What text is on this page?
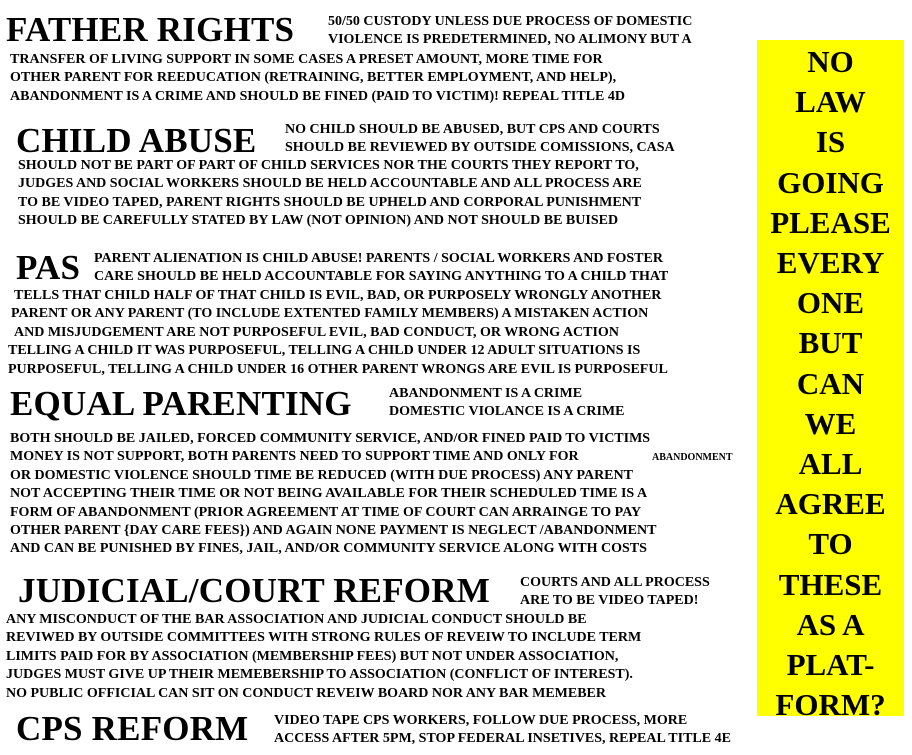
FATHER RIGHTS 50/50 CUSTODY UNLESS DUE PROCESS OF DOMESTIC
VIOLENCE IS PREDETERMINED, NO ALIMONY BUT A
TRANSFER OF LIVING SUPPORT IN SOME CASES A PRESET AMOUNT, MORE TIME FOR
OTHER PARENT FOR REEDUCATION (RETRAINING, BETTER EMPLOYMENT, AND HELP),
ABANDONMENT IS A CRIME AND SHOULD BE FINED (PAID TO VICTIM)! REPEAL TITLE 4D
CHILD ABUSE NO CHILD SHOULD BE ABUSED, BUT CPS AND COURTS
SHOULD BE REVIEWED BY OUTSIDE COMISSIONS, CASA
SHOULD NOT BE PART OF PART OF CHILD SERVICES NOR THE COURTS THEY REPORT TO,
JUDGES AND SOCIAL WORKERS SHOULD BE HELD ACCOUNTABLE AND ALL PROCESS ARE
TO BE VIDEO TAPED, PARENT RIGHTS SHOULD BE UPHELD AND CORPORAL PUNISHMENT
SHOULD BE CAREFULLY STATED BY LAW (NOT OPINION) AND NOT SHOULD BE BUISED
PAS PARENT ALIENATION IS CHILD ABUSE! PARENTS / SOCIAL WORKERS AND FOSTER
CARE SHOULD BE HELD ACCOUNTABLE FOR SAYING ANYTHING TO A CHILD THAT
TELLS THAT CHILD HALF OF THAT CHILD IS EVIL, BAD, OR PURPOSELY WRONGLY ANOTHER
PARENT OR ANY PARENT (TO INCLUDE EXTENTED FAMILY MEMBERS) A MISTAKEN ACTION
AND MISJUDGEMENT ARE NOT PURPOSEFUL EVIL, BAD CONDUCT, OR WRONG ACTION
TELLING A CHILD IT WAS PURPOSEFUL, TELLING A CHILD UNDER 12 ADULT SITUATIONS IS
PURPOSEFUL, TELLING A CHILD UNDER 16 OTHER PARENT WRONGS ARE EVIL IS PURPOSEFUL
EQUAL PARENTING	ABANDONMENT IS A CRIME
DOMESTIC VIOLANCE IS A CRIME
BOTH SHOULD BE JAILED, FORCED COMMUNITY SERVICE, AND/OR FINED PAID TO VICTIMS
MONEY IS NOT SUPPORT, BOTH PARENTS NEED TO SUPPORT TIME AND ONLY FOR
OR DOMESTIC VIOLENCE SHOULD TIME BE REDUCED (WITH DUE PROCESS) ANY PARENT
NOT ACCEPTING THEIR TIME OR NOT BEING AVAILABLE FOR THEIR SCHEDULED TIME IS A
FORM OF ABANDONMENT (PRIOR AGREEMENT AT TIME OF COURT CAN ARRAINGE TO PAY
OTHER PARENT {DAY CARE FEES}) AND AGAIN NONE PAYMENT IS NEGLECT /ABANDONMENT
AND CAN BE PUNISHED BY FINES, JAIL, AND/OR COMMUNITY SERVICE ALONG WITH COSTS
ABANDONMENT
JUDICIAL/COURT REFORM COURTS AND ALL PROCESS
ARE TO BE VIDEO TAPED!
ANY MISCONDUCT OF THE BAR ASSOCIATION AND JUDICIAL CONDUCT SHOULD BE
REVIWED BY OUTSIDE COMMITTEES WITH STRONG RULES OF REVEIW TO INCLUDE TERM
LIMITS PAID FOR BY ASSOCIATION (MEMBERSHIP FEES) BUT NOT UNDER ASSOCIATION,
JUDGES MUST GIVE UP THEIR MEMEBERSHIP TO ASSOCIATION (CONFLICT OF INTEREST).
NO PUBLIC OFFICIAL CAN SIT ON CONDUCT REVEIW BOARD NOR ANY BAR MEMEBER
CPS REFORM VIDEO TAPE CPS WORKERS, FOLLOW DUE PROCESS, MORE
ACCESS AFTER 5PM, STOP FEDERAL INSETIVES, REPEAL TITLE 4E
NO
LAW
IS
GOING
PLEASE
EVERY
ONE
BUT
CAN
WE
ALL
AGREE
TO
THESE
AS A
PLAT-
FORM?
